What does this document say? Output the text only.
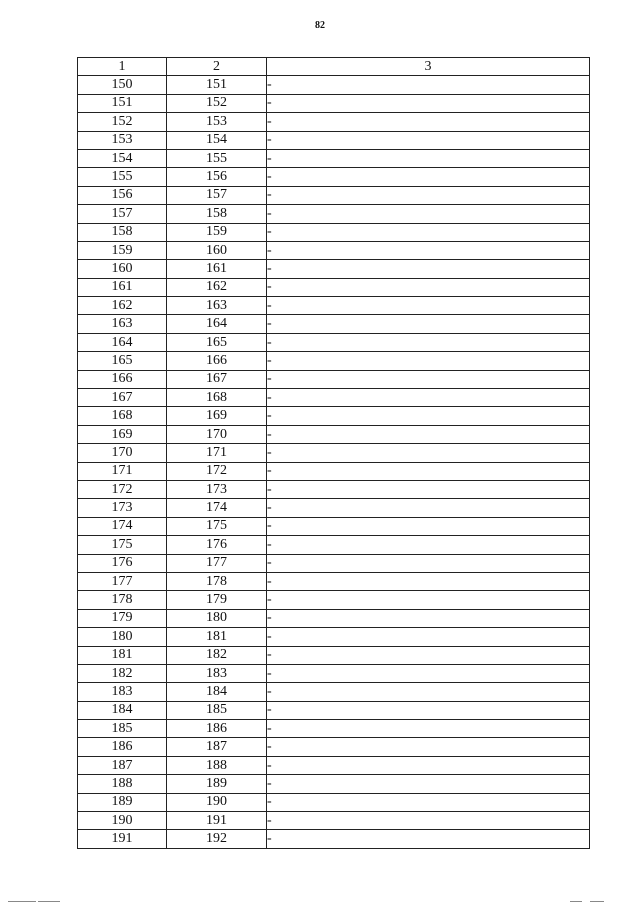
82
1	2	3
150	151	-
151	152	-
152	153	-
153	154	-
154	155	-
155	156	-
156	157	-
157	158	-
158	159	-
159	160	-
160	161	-
161	162	-
162	163	-
163	164	-
164	165	-
165	166	-
166	167	-
167	168	-
168	169	-
169	170	-
170	171	-
171	172	-
172	173	-
173	174	-
174	175	-
175	176	-
176	177	-
177	178	-
178	179	-
179	180	-
180	181	-
181	182	-
182	183	-
183	184	-
184	185	-
185	186	-
186	187	-
187	188	-
188	189	-
189	190	-
190	191	-
191	192	-
